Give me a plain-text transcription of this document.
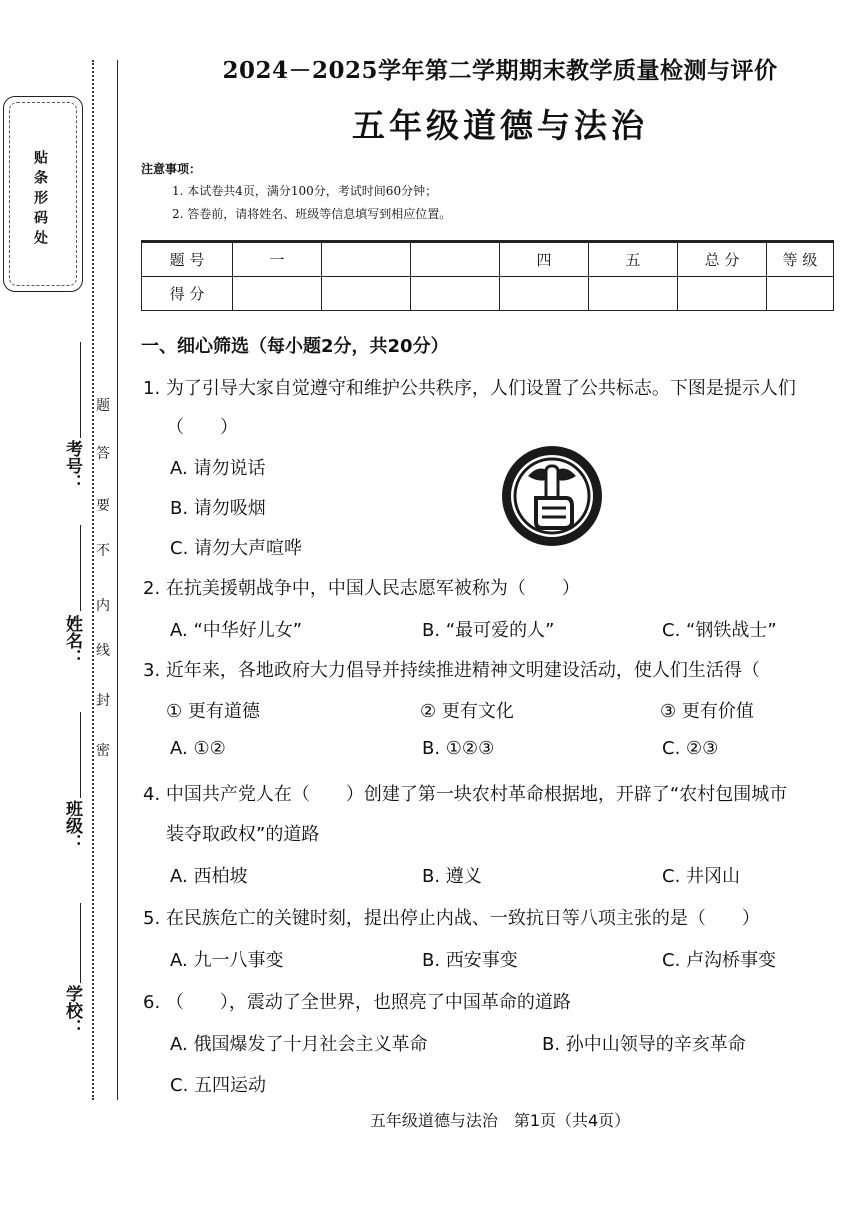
贴条形码处
密
封
线
内
不
要
答
题
考号：
姓名：
班级：
学校：
2024－2025学年第二学期期末教学质量检测与评价
五年级道德与法治
注意事项：
1. 本试卷共4页，满分100分，考试时间60分钟；
2. 答卷前，请将姓名、班级等信息填写到相应位置。
题 号	一			四	五	总 分	等 级
得 分							
一、细心筛选（每小题2分，共20分）
1. 为了引导大家自觉遵守和维护公共秩序，人们设置了公共标志。下图是提示人们
（　　）
A. 请勿说话
B. 请勿吸烟
C. 请勿大声喧哗
2. 在抗美援朝战争中，中国人民志愿军被称为（　　）
A. “中华好儿女”	B. “最可爱的人”	C. “钢铁战士”
3. 近年来，各地政府大力倡导并持续推进精神文明建设活动，使人们生活得（
① 更有道德	② 更有文化	③ 更有价值
A. ①②	B. ①②③	C. ②③
4. 中国共产党人在（　　）创建了第一块农村革命根据地，开辟了“农村包围城市
装夺取政权”的道路
A. 西柏坡	B. 遵义	C. 井冈山
5. 在民族危亡的关键时刻，提出停止内战、一致抗日等八项主张的是（　　）
A. 九一八事变	B. 西安事变	C. 卢沟桥事变
6. （　　），震动了全世界，也照亮了中国革命的道路
A. 俄国爆发了十月社会主义革命	B. 孙中山领导的辛亥革命
C. 五四运动
五年级道德与法治　第1页（共4页）
